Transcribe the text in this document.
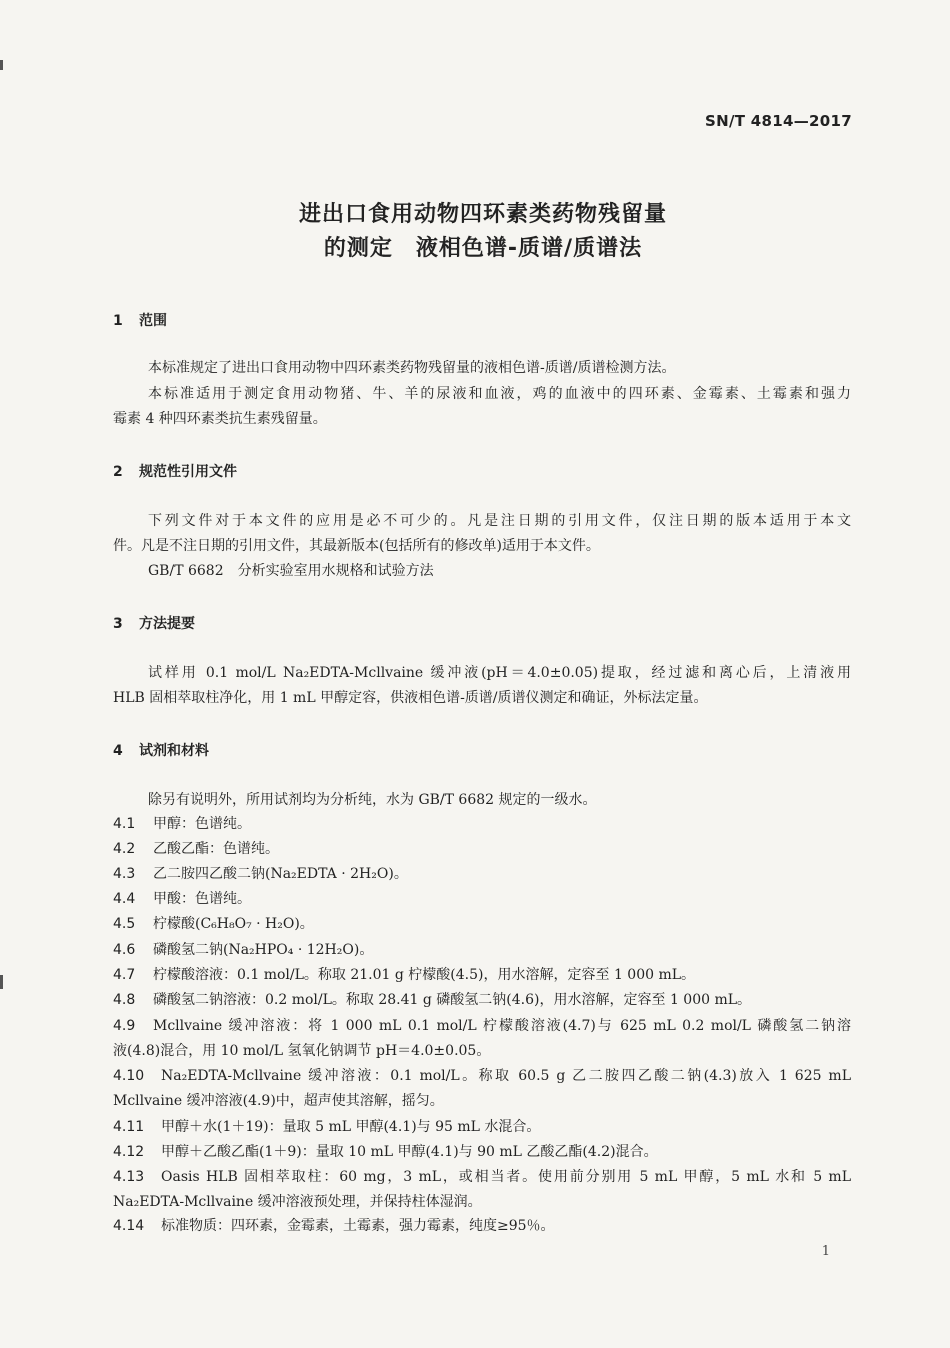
SN/T 4814—2017
进出口食用动物四环素类药物残留量
的测定　液相色谱-质谱/质谱法
1 范围
本标准规定了进出口食用动物中四环素类药物残留量的液相色谱-质谱/质谱检测方法。
本标准适用于测定食用动物猪、牛、羊的尿液和血液，鸡的血液中的四环素、金霉素、土霉素和强力
霉素 4 种四环素类抗生素残留量。
2 规范性引用文件
下列文件对于本文件的应用是必不可少的。凡是注日期的引用文件，仅注日期的版本适用于本文
件。凡是不注日期的引用文件，其最新版本(包括所有的修改单)适用于本文件。
GB/T 6682　分析实验室用水规格和试验方法
3 方法提要
试样用 0.1 mol/L Na₂EDTA-Mcllvaine 缓冲液(pH＝4.0±0.05)提取，经过滤和离心后，上清液用
HLB 固相萃取柱净化，用 1 mL 甲醇定容，供液相色谱-质谱/质谱仪测定和确证，外标法定量。
4 试剂和材料
除另有说明外，所用试剂均为分析纯，水为 GB/T 6682 规定的一级水。
4.1 甲醇：色谱纯。
4.2 乙酸乙酯：色谱纯。
4.3 乙二胺四乙酸二钠(Na₂EDTA · 2H₂O)。
4.4 甲酸：色谱纯。
4.5 柠檬酸(C₆H₈O₇ · H₂O)。
4.6 磷酸氢二钠(Na₂HPO₄ · 12H₂O)。
4.7 柠檬酸溶液：0.1 mol/L。称取 21.01 g 柠檬酸(4.5)，用水溶解，定容至 1 000 mL。
4.8 磷酸氢二钠溶液：0.2 mol/L。称取 28.41 g 磷酸氢二钠(4.6)，用水溶解，定容至 1 000 mL。
4.9 Mcllvaine 缓冲溶液：将 1 000 mL 0.1 mol/L 柠檬酸溶液(4.7)与 625 mL 0.2 mol/L 磷酸氢二钠溶
液(4.8)混合，用 10 mol/L 氢氧化钠调节 pH＝4.0±0.05。
4.10 Na₂EDTA-Mcllvaine 缓冲溶液：0.1 mol/L。称取 60.5 g 乙二胺四乙酸二钠(4.3)放入 1 625 mL
Mcllvaine 缓冲溶液(4.9)中，超声使其溶解，摇匀。
4.11 甲醇＋水(1＋19)：量取 5 mL 甲醇(4.1)与 95 mL 水混合。
4.12 甲醇＋乙酸乙酯(1＋9)：量取 10 mL 甲醇(4.1)与 90 mL 乙酸乙酯(4.2)混合。
4.13 Oasis HLB 固相萃取柱：60 mg，3 mL，或相当者。使用前分别用 5 mL 甲醇，5 mL 水和 5 mL
Na₂EDTA-Mcllvaine 缓冲溶液预处理，并保持柱体湿润。
4.14 标准物质：四环素，金霉素，土霉素，强力霉素，纯度≥95％。
1
